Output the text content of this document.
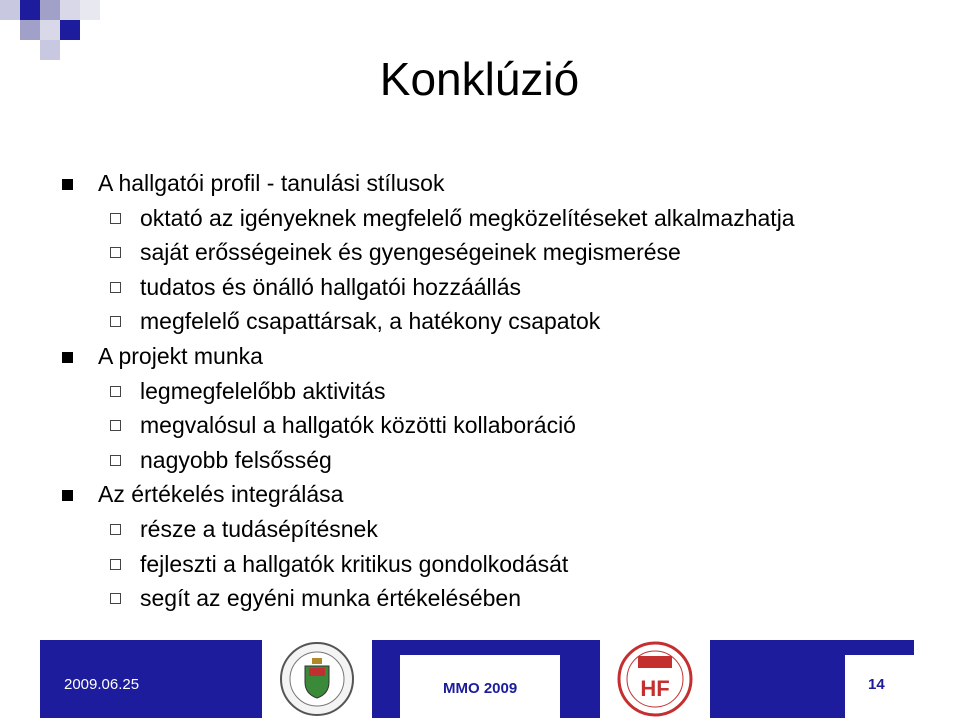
Konklúzió
A hallgatói profil - tanulási stílusok
oktató az igényeknek megfelelő megközelítéseket alkalmazhatja
saját erősségeinek és gyengeségeinek megismerése
tudatos és önálló hallgatói hozzáállás
megfelelő csapattársak, a hatékony csapatok
A projekt munka
legmegfelelőbb aktivitás
megvalósul a hallgatók közötti kollaboráció
nagyobb felsősség
Az értékelés integrálása
része a tudásépítésnek
fejleszti a hallgatók kritikus gondolkodását
segít az egyéni munka értékelésében
HF
2009.06.25	MMO 2009	14
